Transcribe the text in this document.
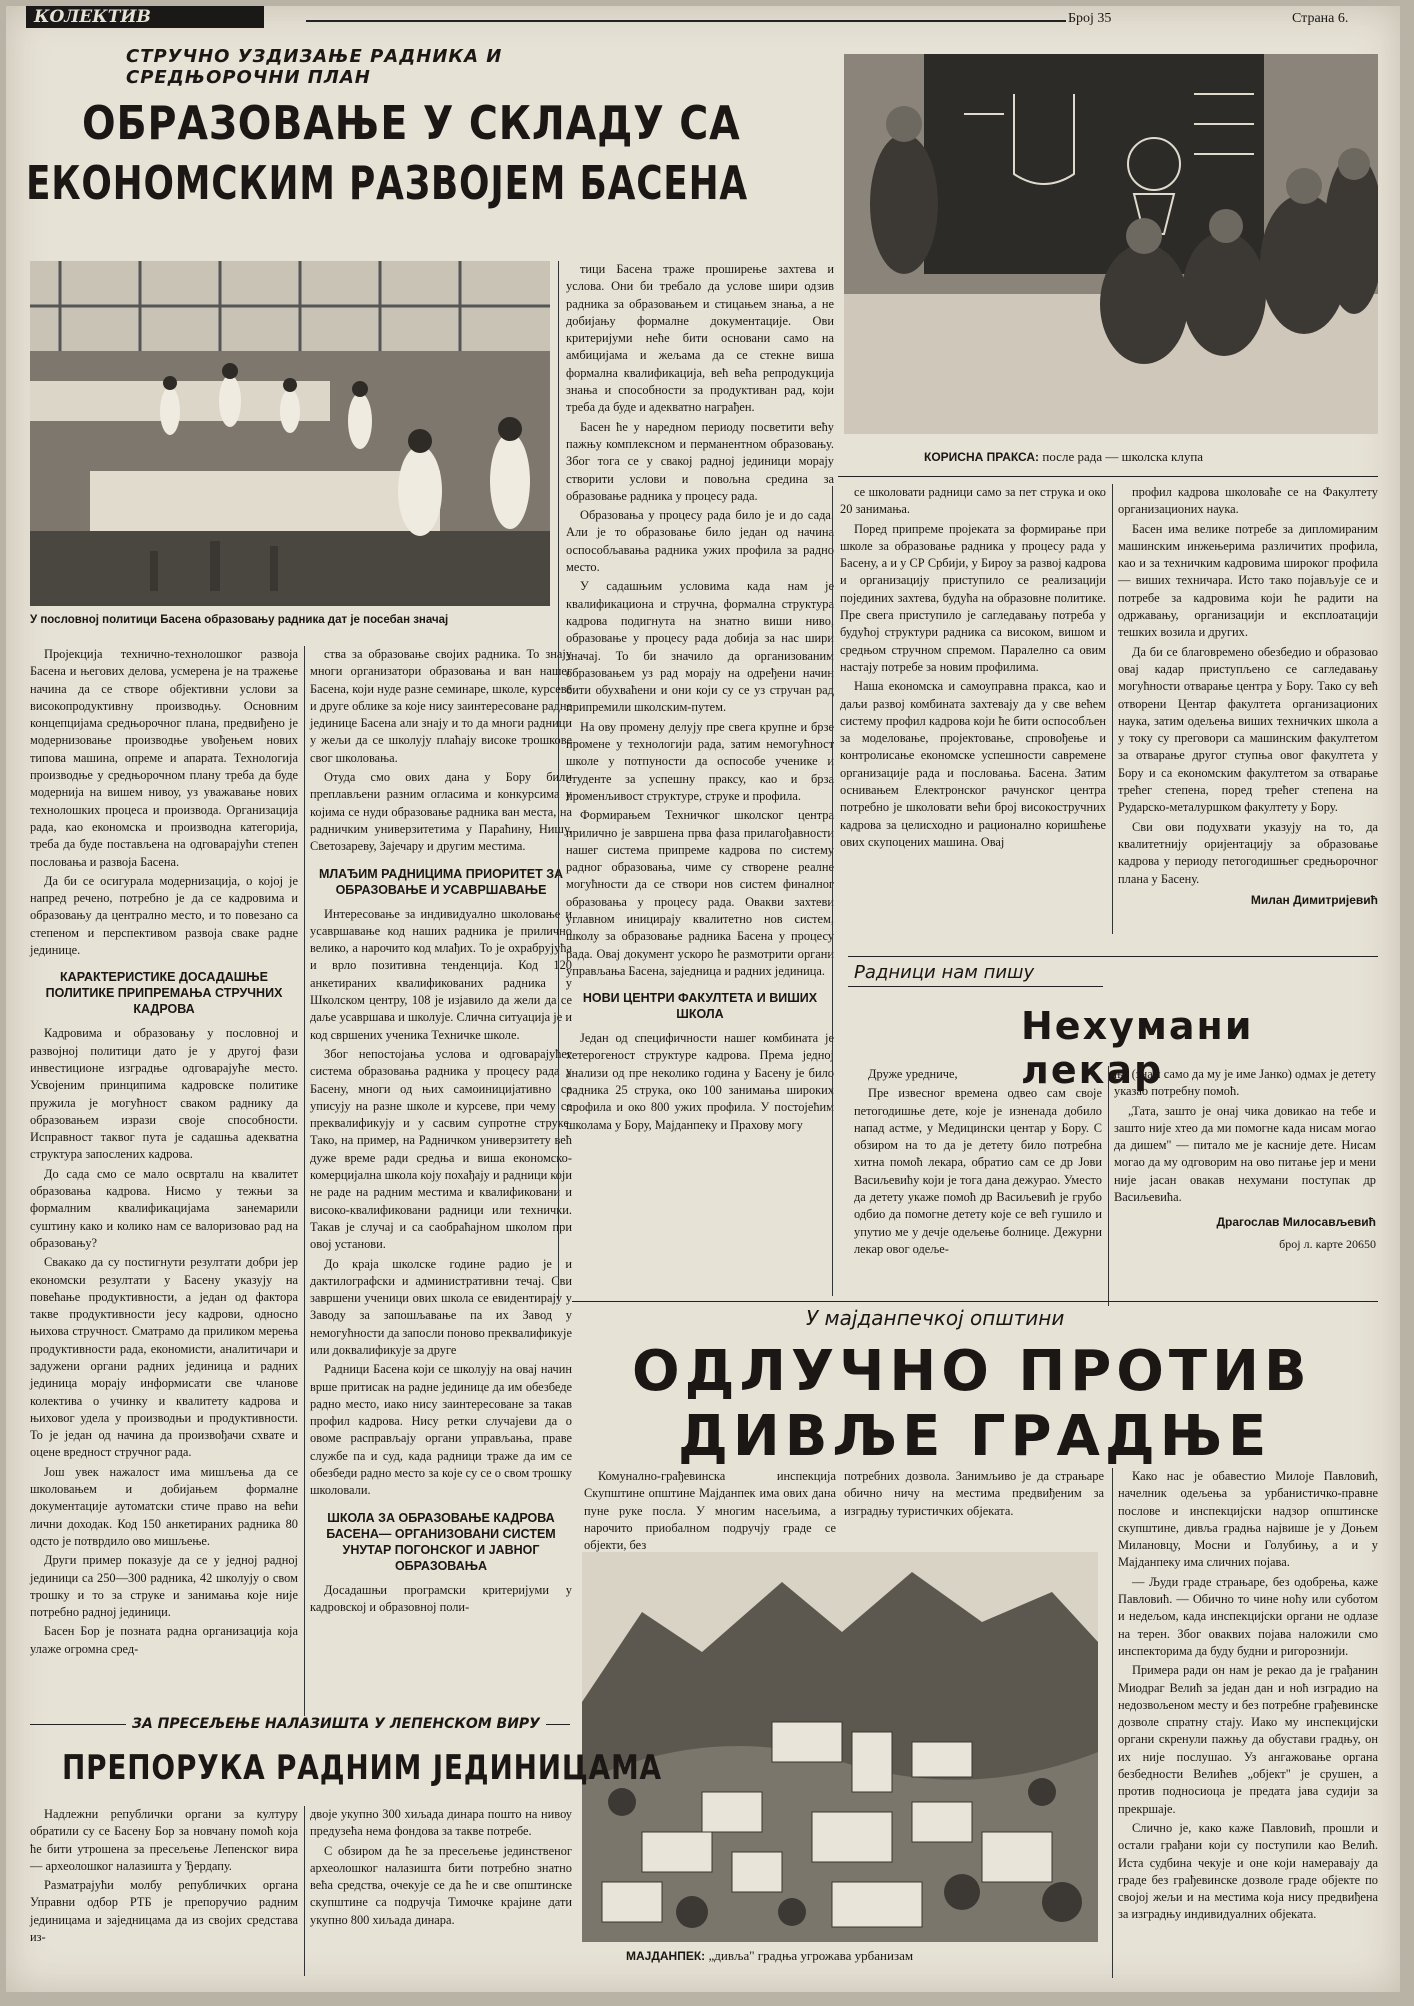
КОЛЕКТИВ	Број 35	Страна 6.
СТРУЧНО УЗДИЗАЊЕ РАДНИКА И СРЕДЊОРОЧНИ ПЛАН
ОБРАЗОВАЊЕ У СКЛАДУ СА
ЕКОНОМСКИМ РАЗВОЈЕМ БАСЕНА
У пословној политици Басена образовању радника дат је посебан значај

Пројекција технично-технолошког развоја Басена и његових делова, усмерена је на тражење начина да се створе објективни услови за високопродуктивну производњу. Основним концепцијама средњорочног плана, предвиђено је модернизовање производње увођењем нових типова машина, опреме и апарата. Технологија производње у средњорочном плану треба да буде модернија на вишем нивоу, уз уважавање нових технолошких процеса и производа. Организација рада, као економска и производна категорија, треба да буде постављена на одговарајући степен пословања и развоја Басена.

Да би се осигурала модернизација, о којој је напред речено, потребно је да се кадровима и образовању да централно место, и то повезано са степеном и перспективом развоја сваке радне јединице.

КАРАКТЕРИСТИКЕ ДОСАДАШЊЕ ПОЛИТИКЕ ПРИПРЕМАЊА СТРУЧНИХ КАДРОВА

Кадровима и образовању у пословној и развојној политици дато је у другој фази инвестиционе изградње одговарајуће место. Усвојеним принципима кадровске политике пружила је могућност сваком раднику да образовањем изрази своје способности. Исправност таквог пута је садашња адекватна структура запослених кадрова.

До сада смо се мало осврталu на квалитет образовања кадрова. Нисмо у тежњи за формалним квалификацијама занемарили суштину како и колико нам се валоризовао рад на образовању?

Свакако да су постигнути резултати добри јер економски резултати у Басену указују на повећање продуктивности, а један од фактора такве продуктивности јесу кадрови, односно њихова стручност. Сматрамо да приликом мерења продуктивности рада, економисти, аналитичари и задужени органи радних јединица и радних јединица морају информисати све чланове колектива о учинку и квалитету кадрова и њиховог удела у производњи и продуктивности. То је један од начина да произвођачи схвате и оцене вредност стручног рада.

Још увек нажалост има мишљења да се школовањем и добијањем формалне документације аутоматски стиче право на већи лични доходак. Код 150 анкетираних радника 80 одсто је потврдило ово мишљење.

Други пример показује да се у једној радној јединици са 250—300 радника, 42 школују о свом трошку и то за струке и занимања које није потребно радној јединици.

Басен Бор је позната радна организација која улаже огромна сред-

ства за образовање својих радника. То знају многи организатори образовања и ван нашег Басена, који нуде разне семинаре, школе, курсеве и друге облике за које нису заинтересоване радне јединице Басена али знају и то да многи радници у жељи да се школују плаћају високе трошкове свог школовања.

Отуда смо ових дана у Бору били преплављени разним огласима и конкурсима у којима се нуди образовање радника ван места, на радничким универзитетима у Параћину, Нишу, Светозареву, Зајечару и другим местима.

МЛАЂИМ РАДНИЦИМА ПРИОРИТЕТ ЗА ОБРАЗОВАЊЕ И УСАВРШАВАЊЕ

Интересовање за индивидуално школовање и усавршавање код наших радника је прилично велико, а нарочито код млађих. То је охрабрујућа и врло позитивна тенденција. Код 120 анкетираних квалификованих радника у Школском центру, 108 је изјавило да жели да се даље усавршава и школује. Слична ситуација је и код свршених ученика Техничке школе.

Због непостојања услова и одговарајућег система образовања радника у процесу рада у Басену, многи од њих самоиницијативно се уписују на разне школе и курсеве, при чему се преквалификују и у сасвим супротне струке. Тако, на пример, на Радничком универзитету већ дуже време ради средња и виша економско-комерцијална школа коју похађају и радници који не раде на радним местима и квалификовани и високо-квалификовани радници или технички. Такав је случај и са саобраћајном школом при овој установи.

До краја школске године радио је и дактилографски и административни течај. Сви завршени ученици ових школа се евидентирају у Заводу за запошљавање па их Завод у немогућности да запосли поново преквалификује или доквалификује за друге

Радници Басена који се школују на овај начин врше притисак на радне јединице да им обезбеде радно место, иако нису заинтересоване за такав профил кадрова. Нису ретки случајеви да о овоме расправљају органи управљања, праве службе па и суд, када радници траже да им се обезбеди радно место за које су се о свом трошку школовали.

ШКОЛА ЗА ОБРАЗОВАЊЕ КАДРОВА БАСЕНА— ОРГАНИЗОВАНИ СИСТЕМ УНУТАР ПОГОНСКОГ И ЈАВНОГ ОБРАЗОВАЊА

Досадашњи програмски критеријуми у кадровској и образовној поли-

тици Басена траже проширење захтева и услова. Они би требало да условe шири одзив радника за образовањем и стицањем знања, а не добијању формалне документације. Ови критеријуми неће бити основани само на амбицијама и жељама да се стекне виша формална квалификација, већ већа репродукција знања и способности за продуктиван рад, који треба да буде и адекватно награђен.

Басен ће у наредном периоду посветити већу пажњу комплексном и перманентном образовању. Због тога се у свакој радној јединици морају створити услови и повољна средина за образовање радника у процесу рада.

Образовања у процесу рада било је и до сада. Али је то образовање било један од начина оспособљавања радника ужих профила за радно место.

У садашњим условима када нам је квалификациона и стручна, формална структура кадрова подигнута на знатно виши ниво, образовање у процесу рада добија за нас шири значај. То би значило да организованим образовањем уз рад морају на одређени начин бити обухваћени и они који су се уз стручан рад припремили школским-путем.

На ову промену делују пре свега крупне и брзе промене у технологији рада, затим немогућност школе у потпуности да оспособе ученике и студенте за успешну праксу, као и брза променљивост структуре, струке и профила.

Формирањем Техничког школског центра прилично је завршена прва фаза прилагођавности нашег система припреме кадрова по систему радног образовања, чиме су створене реалне могућности да се створи нов систем финалног образовања у процесу рада. Овакви захтеви углавном иницирају квалитетно нов систем, школу за образовање радника Басена у процесу рада. Овај документ ускоро ће размотрити органи управљања Басена, заједница и радних јединица.

НОВИ ЦЕНТРИ ФАКУЛТЕТА И ВИШИХ ШКОЛА

Један од специфичности нашег комбината је хетерогеност структуре кадрова. Према једној анализи од пре неколико година у Басену је било радника 25 струка, око 100 занимања широких профила и око 800 ужих профила. У постојећим школама у Бору, Мајданпеку и Прахову могу

КОРИСНА ПРАКСА: после рада — школска клупа

се школовати радници само за пет струка и око 20 занимања.

Поред припреме пројеката за формирање при школе за образовање радника у процесу рада у Басену, а и у СР Србији, у Бироу за развој кадрова и организацију приступило се реализацији појединих захтева, будућа на образовне политике. Пре свега приступило је сагледавању потреба у будућој структури радника са високом, вишом и средњом стручном спремом. Паралелно са овим настају потребе за новим профилима.

Наша економска и самоуправна пракса, као и даљи развој комбината захтевају да у све већем систему профил кадрова који ће бити оспособљен за моделовање, пројектовање, спровођење и контролисање економске успешности савремене организације рада и пословања. Басена. Затим оснивањем Електронског рачунског центра потребно је школовати већи број високостручних кадрова за целисходно и рационално коришћење ових скупоцених машина. Овај

профил кадрова школоваће се на Факултету организационих наука.

Басен има велике потребе за дипломираним машинским инжењерима различитих профила, као и за техничким кадровима широког профила — виших техничара. Исто тако појављује се и потребе за кадровима који ће радити на одржавању, организацији и експлоатацији тешких возила и других.

Да би се благовремено обезбедио и образовао овај кадар приступљено се сагледавању могућности отварање центра у Бору. Тако су већ отворени Центар факултета организационих наука, затим одељења виших техничких школа а у току су преговори са машинским факултетом за отварање другог ступња овог факултета у Бору и са економским факултетом за отварање трећег степена, поред трећег степена на Рударско-металуршком факултету у Бору.

Сви ови подухвати указују на то, да квалитетнију оријентацију за образовање кадрова у периоду петогодишњег средњорочног плана у Басену.

Милан Димитријевић
Радници нам пишу
Нехумани лекар

Друже уредниче,

Пре извесног времена одвео сам своје петогодишње дете, које је изненада добило напад астме, у Медицински центар у Бору. С обзиром на то да је детету било потребна хитна помоћ лекара, обратио сам се др Јови Васиљевићу који је тога дана дежурао. Уместо да детету укаже помоћ др Васиљевић је грубо одбио да помогне детету које се већ гушило и упутио ме у дечје одељење болнице. Дежурни лекар овог одеље-

ња (знам само да му је име Јанко) одмах је детету указао потребну помоћ.

„Тата, зашто је онај чика довикао на тебе и зашто није хтео да ми помогне када нисам могао да дишем" — питало ме је касније дете. Нисам могао да му одговорим на ово питање јер и мени није јасан овакав нехумани поступак др Васиљевића.

Драгослав Милосављевић
број л. карте 20650
У мајданпечкој општини
ОДЛУЧНО ПРОТИВ
ДИВЉЕ ГРАДЊЕ

Комунално-грађевинска инспекција Скупштине општине Мајданпек има ових дана пуне руке посла. У многим насељима, а нарочито приобалном подручју граде се објекти, без

потребних дозвола. Занимљиво је да страњаре обично ничу на местима предвиђеним за изградњу туристичких објеката.

Како нас је обавестио Милоје Павловић, начелник одељења за урбанистичко-правне послове и инспекцијски надзор општинске скупштине, дивља градња највише је у Доњем Милановцу, Мосни и Голубињу, а и у Мајданпеку има сличних појава.

— Људи граде страњаре, без одобрења, каже Павловић. — Обично то чине ноћу или суботом и недељом, када инспекцијски органи не одлазе на терен. Због оваквих појава наложили смо инспекторима да буду будни и ригорознији.

Примера ради он нам је рекао да је грађанин Миодраг Велић за један дан и ноћ изградио на недозвољеном месту и без потребне грађевинске дозволе спратну стају. Иако му инспекцијски органи скренули пажњу да обустави градњу, он их није послушао. Уз ангажовање органа безбедности Велићев „објект" је срушен, а против подносиоца је предата јава судији за прекршаје.

Слично је, како каже Павловић, прошли и остали грађани који су поступили као Велић. Иста судбина чекује и оне који намеравају да граде без грађевинске дозволе граде објекте по својој жељи и на местима која нису предвиђена за изградњу индивидуалних објеката.

МАЈДАНПЕК: „дивља" градња угрожава урбанизам
ЗА ПРЕСЕЉЕЊЕ НАЛАЗИШТА У ЛЕПЕНСКОМ ВИРУ
ПРЕПОРУКА РАДНИМ ЈЕДИНИЦАМА

Надлежни републички органи за културу обратили су се Басену Бор за новчану помоћ која ће бити утрошена за пресељење Лепенског вира — археолошког налазишта у Ђердапу.

Разматрајући молбу републичких органа Управни одбор РТБ је препоручио радним јединицама и заједницама да из својих средстава из-

двоје укупно 300 хиљада динара пошто на нивоу предузећа нема фондова за такве потребе.

С обзиром да ће за пресељење јединственог археолошког налазишта бити потребно знатно већа средства, очекује се да ће и све општинске скупштине са подручја Тимочке крајине дати укупно 800 хиљада динара.
